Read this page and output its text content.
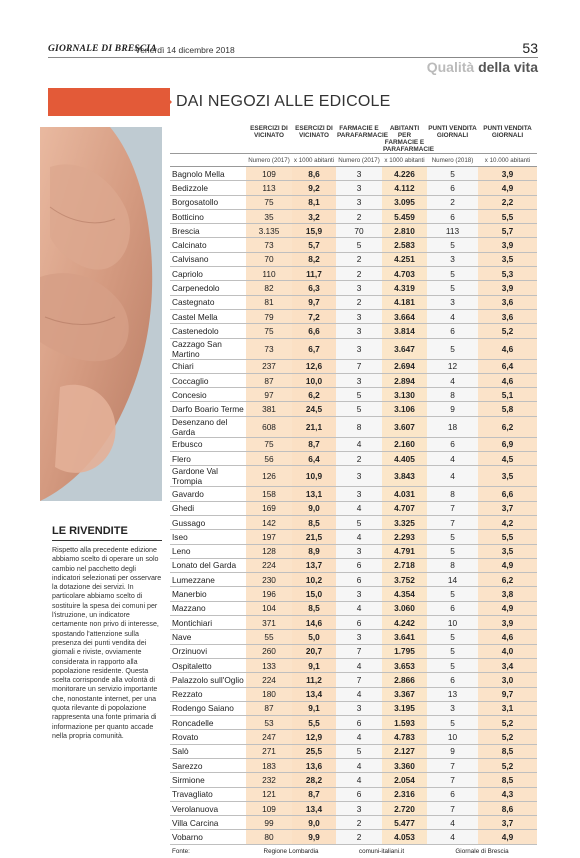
GIORNALE DI BRESCIA
Venerdì 14 dicembre 2018	53
Qualità della vita
DAI NEGOZI ALLE EDICOLE
LE RIVENDITE
Rispetto alla precedente edizione abbiamo scelto di operare un solo cambio nel pacchetto degli indicatori selezionati per osservare la dotazione dei servizi. In particolare abbiamo scelto di sostituire la spesa dei comuni per l'istruzione, un indicatore certamente non privo di interesse, spostando l'attenzione sulla presenza dei punti vendita dei giornali e riviste, ovviamente considerata in rapporto alla popolazione residente. Questa scelta corrisponde alla volontà di monitorare un servizio importante che, nonostante internet, per una quota rilevante di popolazione rappresenta una fonte primaria di informazione per quanto accade nella propria comunità.
	ESERCIZI DI VICINATO	ESERCIZI DI VICINATO	FARMACIE E PARAFARMACIE	ABITANTI PER FARMACIE E PARAFARMACIE	PUNTI VENDITA GIORNALI	PUNTI VENDITA GIORNALI
	Numero (2017)	x 1000 abitanti	Numero (2017)	x 1000 abitanti	Numero (2018)	x 10.000 abitanti
Bagnolo Mella	109	8,6	3	4.226	5	3,9
Bedizzole	113	9,2	3	4.112	6	4,9
Borgosatollo	75	8,1	3	3.095	2	2,2
Botticino	35	3,2	2	5.459	6	5,5
Brescia	3.135	15,9	70	2.810	113	5,7
Calcinato	73	5,7	5	2.583	5	3,9
Calvisano	70	8,2	2	4.251	3	3,5
Capriolo	110	11,7	2	4.703	5	5,3
Carpenedolo	82	6,3	3	4.319	5	3,9
Castegnato	81	9,7	2	4.181	3	3,6
Castel Mella	79	7,2	3	3.664	4	3,6
Castenedolo	75	6,6	3	3.814	6	5,2
Cazzago San Martino	73	6,7	3	3.647	5	4,6
Chiari	237	12,6	7	2.694	12	6,4
Coccaglio	87	10,0	3	2.894	4	4,6
Concesio	97	6,2	5	3.130	8	5,1
Darfo Boario Terme	381	24,5	5	3.106	9	5,8
Desenzano del Garda	608	21,1	8	3.607	18	6,2
Erbusco	75	8,7	4	2.160	6	6,9
Flero	56	6,4	2	4.405	4	4,5
Gardone Val Trompia	126	10,9	3	3.843	4	3,5
Gavardo	158	13,1	3	4.031	8	6,6
Ghedi	169	9,0	4	4.707	7	3,7
Gussago	142	8,5	5	3.325	7	4,2
Iseo	197	21,5	4	2.293	5	5,5
Leno	128	8,9	3	4.791	5	3,5
Lonato del Garda	224	13,7	6	2.718	8	4,9
Lumezzane	230	10,2	6	3.752	14	6,2
Manerbio	196	15,0	3	4.354	5	3,8
Mazzano	104	8,5	4	3.060	6	4,9
Montichiari	371	14,6	6	4.242	10	3,9
Nave	55	5,0	3	3.641	5	4,6
Orzinuovi	260	20,7	7	1.795	5	4,0
Ospitaletto	133	9,1	4	3.653	5	3,4
Palazzolo sull'Oglio	224	11,2	7	2.866	6	3,0
Rezzato	180	13,4	4	3.367	13	9,7
Rodengo Saiano	87	9,1	3	3.195	3	3,1
Roncadelle	53	5,5	6	1.593	5	5,2
Rovato	247	12,9	4	4.783	10	5,2
Salò	271	25,5	5	2.127	9	8,5
Sarezzo	183	13,6	4	3.360	7	5,2
Sirmione	232	28,2	4	2.054	7	8,5
Travagliato	121	8,7	6	2.316	6	4,3
Verolanuova	109	13,4	3	2.720	7	8,6
Villa Carcina	99	9,0	2	5.477	4	3,7
Vobarno	80	9,9	2	4.053	4	4,9
Fonte:	Regione Lombardia		comuni-italiani.it		Giornale di Brescia	
